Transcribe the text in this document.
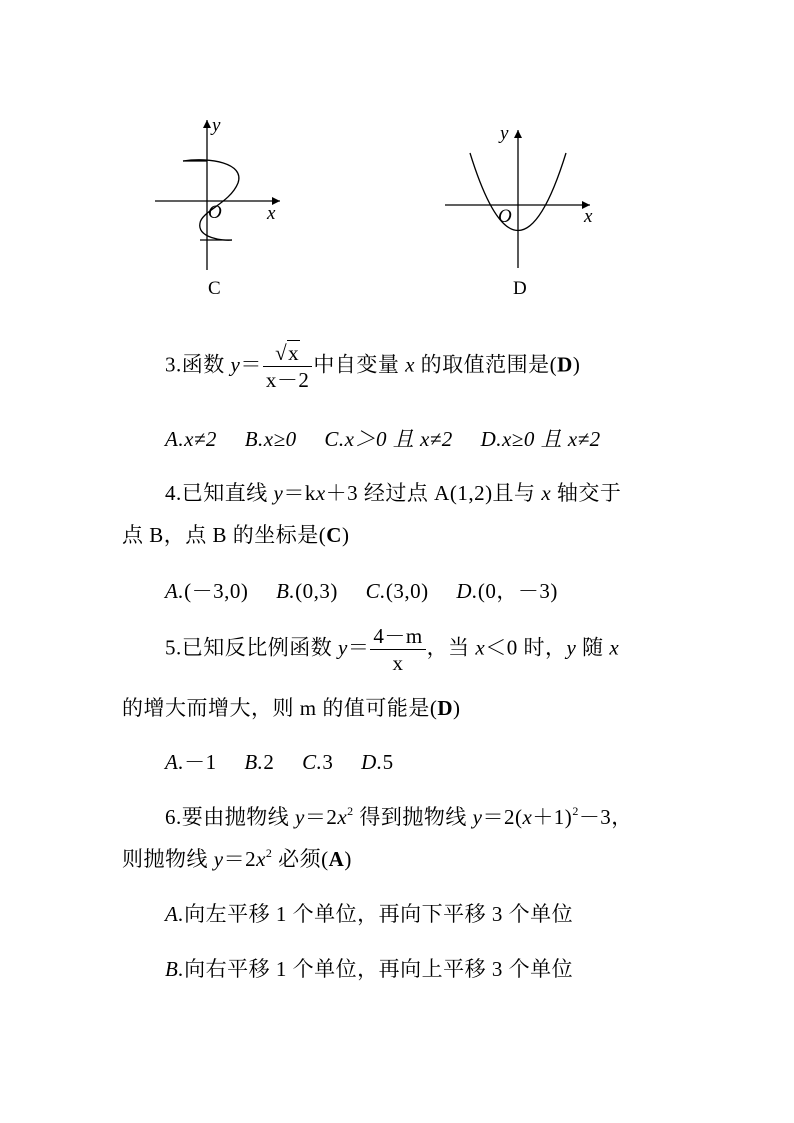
y
x
O
C
y
x
O
D
3.函数 $y= \frac{√x}{x-2}$ 中自变量 x 的取值范围是(D)
A.x≠2 B.x≥0 C.x＞0 且 x≠2 D.x≥0 且 x≠2
4.已知直线 y＝kx＋3 经过点 A(1,2)且与 x 轴交于
点 B，点 B 的坐标是(C)
A.(－3,0) B.(0,3) C.(3,0) D.(0，－3)
5.已知反比例函数 $y= \frac{4-m}{x}$ ，当 x＜0 时，y 随 x
的增大而增大，则 m 的值可能是(D)
A.－1 B.2 C.3 D.5
6.要由抛物线 $y=2x^2$ 得到抛物线 $y=2(x+1)^2-3$，
则抛物线 $y=2x^2$ 必须(A)
A.向左平移 1 个单位，再向下平移 3 个单位
B.向右平移 1 个单位，再向上平移 3 个单位
